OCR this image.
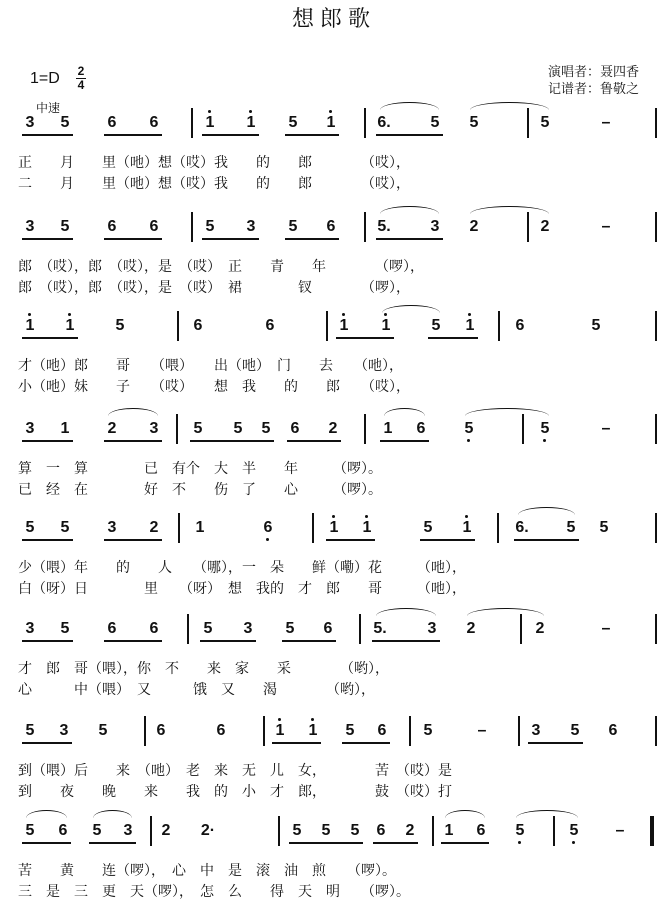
想郎歌
1=D 2
4
演唱者：聂四香
记谱者：鲁敬之
中速
3 5 6 6	1 1 5 1	6. 5 5	5	–
正　　月　　里（吔）想（哎）我　　的　　郎　　　　（哎），
二　　月　　里（吔）想（哎）我　　的　　郎　　　　（哎），
3 5 6 6	5 3 5 6	5. 3 2	2	–
郎　（哎），郎　（哎），是　（哎）　正　　青　　年　　　　（啰），
郎　（哎），郎　（哎），是　（哎）　裙　　　　钗　　　　（啰），
1 1	5	6	6	1 1	5 1	6	5
才（吔）郎　　哥　　（喂）　　出（吔）　门　　去　　（吔），
小（吔）妹　　子　　（哎）　　想　我　　的　　郎　　（哎），
3 1 2 3 5 5 5 6 2	1 6 5	5	–
算　一　算　　　　已　有个　大　半　　年　　　（啰）。
已　经　在　　　　好　不　　伤　了　　心　　　（啰）。
5 5 3 2 1	6	1 1	5 1	6. 5 5
少（喂）年　　的　　人　　（哪），一　朵　　鲜（嘞）花　　　（吔），
白（呀）日　　　　里　　（呀）　想　我的　才　郎　　哥　　　（吔），
3 5 6 6	5 3 5 6	5.	3 2	2	–
才　郎　哥（喂），你　不　　来　家　　采　　　　（哟），
心　　　中（喂）　又　　　饿　又　　渴　　　　（哟），
5 3 5	6	6	1 1 5 6 5	–	3 5 6
到（喂）后　　来　（吔）　老　来　无　儿　女，　　　　苦　（哎）是
到　　夜　　晚　　来　　我　的　小　才　郎，　　　　鼓　（哎）打
5 6 5 3 2 2·	5 5 5 6 2 1 6 5	5 –
苦　　黄　　连（啰），　心　中　是　滚　油　煎　　（啰）。
三　是　三　更　天（啰），　怎　么　　得　天　明　　（啰）。
